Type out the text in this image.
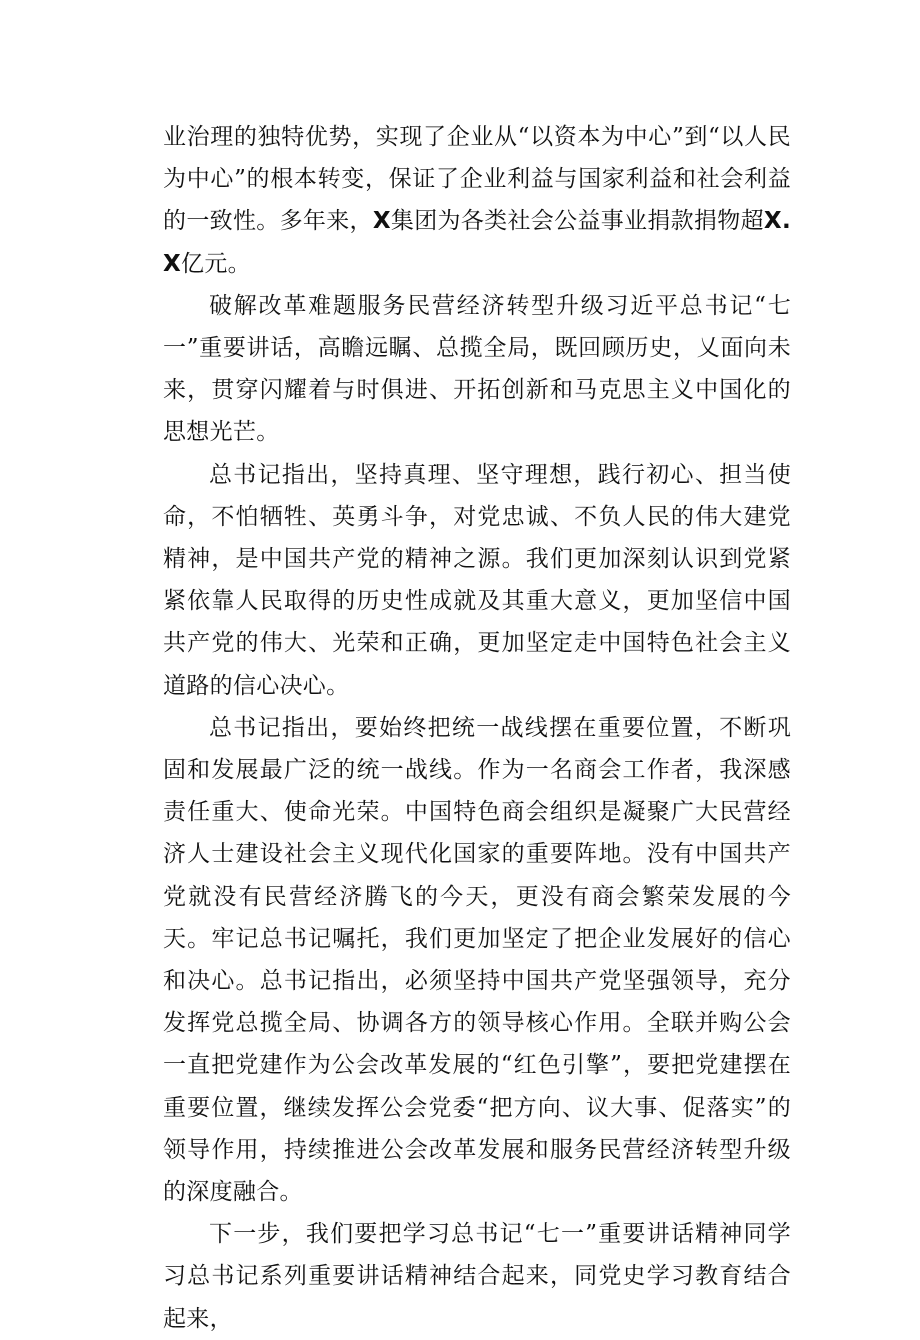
业治理的独特优势，实现了企业从“以资本为中心”到“以人民为中心”的根本转变，保证了企业利益与国家利益和社会利益的一致性。多年来，X集团为各类社会公益事业捐款捐物超X.X亿元。

破解改革难题服务民营经济转型升级习近平总书记“七一”重要讲话，高瞻远瞩、总揽全局，既回顾历史，乂面向未来，贯穿闪耀着与时俱进、开拓创新和马克思主义中国化的思想光芒。

总书记指出，坚持真理、坚守理想，践行初心、担当使命，不怕牺牲、英勇斗争，对党忠诚、不负人民的伟大建党精神，是中国共产党的精神之源。我们更加深刻认识到党紧紧依靠人民取得的历史性成就及其重大意义，更加坚信中国共产党的伟大、光荣和正确，更加坚定走中国特色社会主义道路的信心决心。

总书记指出，要始终把统一战线摆在重要位置，不断巩固和发展最广泛的统一战线。作为一名商会工作者，我深感责任重大、使命光荣。中国特色商会组织是凝聚广大民营经济人士建设社会主义现代化国家的重要阵地。没有中国共产党就没有民营经济腾飞的今天，更没有商会繁荣发展的今天。牢记总书记嘱托，我们更加坚定了把企业发展好的信心和决心。总书记指出，必须坚持中国共产党坚强领导，充分发挥党总揽全局、协调各方的领导核心作用。全联并购公会一直把党建作为公会改革发展的“红色引擎”，要把党建摆在重要位置，继续发挥公会党委“把方向、议大事、促落实”的领导作用，持续推进公会改革发展和服务民营经济转型升级的深度融合。

下一步，我们要把学习总书记“七一”重要讲话精神同学习总书记系列重要讲话精神结合起来，同党史学习教育结合起来，
